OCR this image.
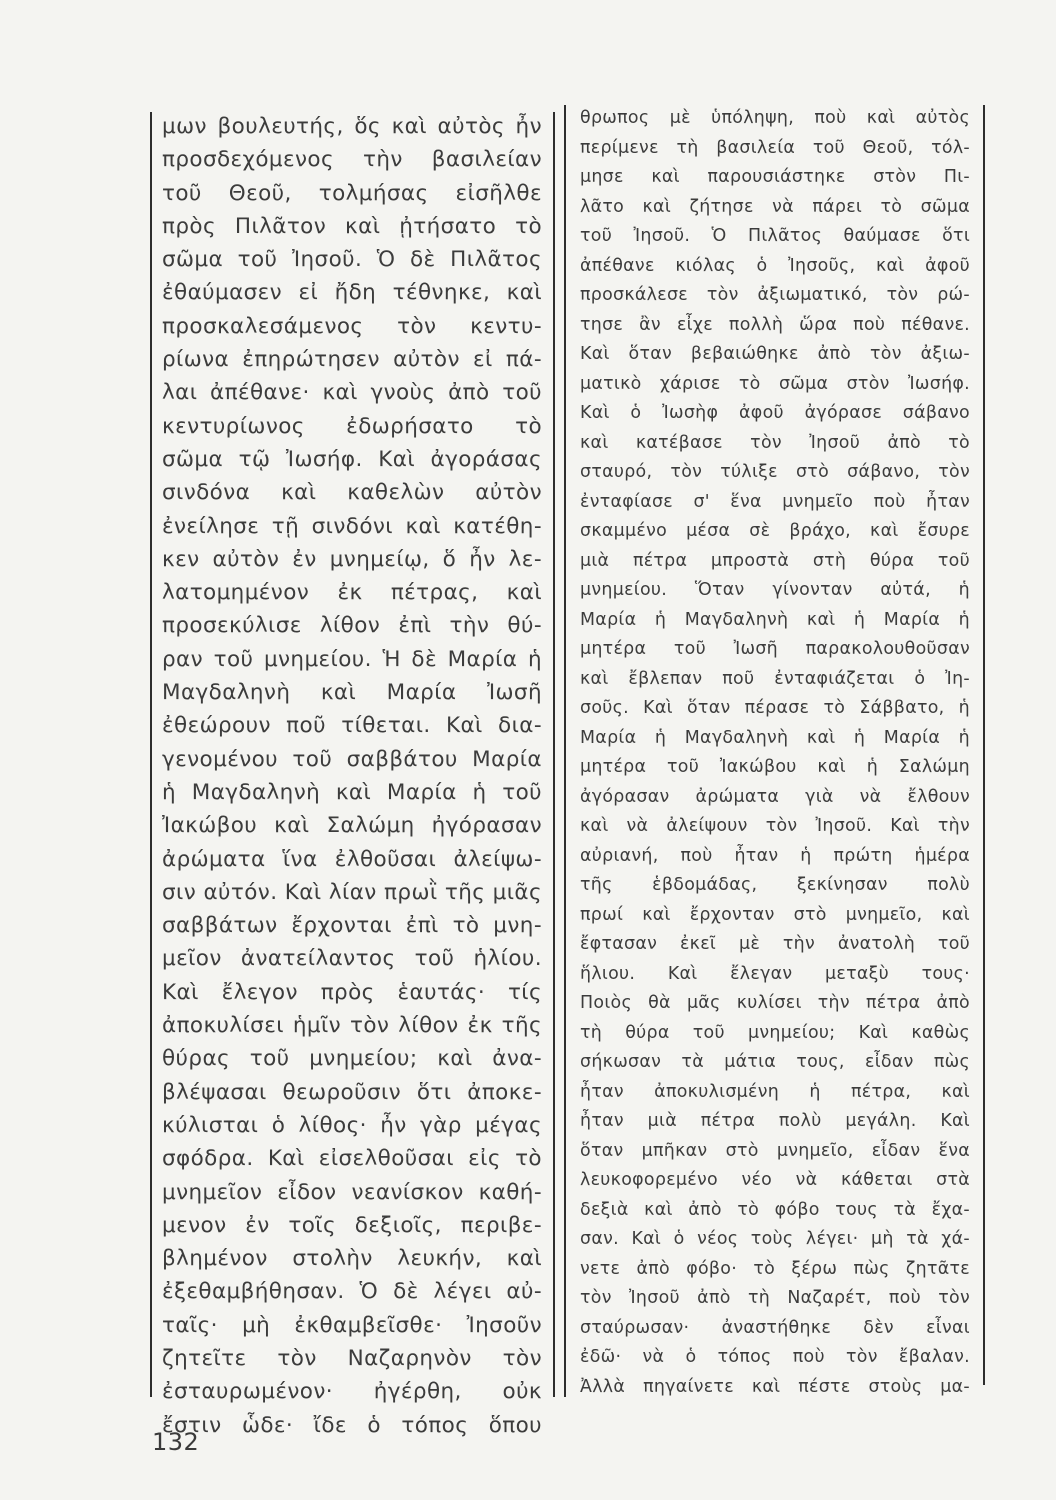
μων βουλευτής, ὅς καὶ αὐτὸς ἦν
προσδεχόμενος τὴν βασιλείαν
τοῦ Θεοῦ, τολμήσας εἰσῆλθε
πρὸς Πιλᾶτον καὶ ᾐτήσατο τὸ
σῶμα τοῦ Ἰησοῦ. Ὁ δὲ Πιλᾶτος
ἐθαύμασεν εἰ ἤδη τέθνηκε, καὶ
προσκαλεσάμενος τὸν κεντυ-
ρίωνα ἐπηρώτησεν αὐτὸν εἰ πά-
λαι ἀπέθανε· καὶ γνοὺς ἀπὸ τοῦ
κεντυρίωνος ἐδωρήσατο τὸ
σῶμα τῷ Ἰωσήφ. Καὶ ἀγοράσας
σινδόνα καὶ καθελὼν αὐτὸν
ἐνείλησε τῇ σινδόνι καὶ κατέθη-
κεν αὐτὸν ἐν μνημείῳ, ὅ ἦν λε-
λατομημένον ἐκ πέτρας, καὶ
προσεκύλισε λίθον ἐπὶ τὴν θύ-
ραν τοῦ μνημείου. Ἡ δὲ Μαρία ἡ
Μαγδαληνὴ καὶ Μαρία Ἰωσῆ
ἐθεώρουν ποῦ τίθεται. Καὶ δια-
γενομένου τοῦ σαββάτου Μαρία
ἡ Μαγδαληνὴ καὶ Μαρία ἡ τοῦ
Ἰακώβου καὶ Σαλώμη ἠγόρασαν
ἀρώματα ἵνα ἐλθοῦσαι ἀλείψω-
σιν αὐτόν. Καὶ λίαν πρωῒ τῆς μιᾶς
σαββάτων ἔρχονται ἐπὶ τὸ μνη-
μεῖον ἀνατείλαντος τοῦ ἡλίου.
Καὶ ἔλεγον πρὸς ἑαυτάς· τίς
ἀποκυλίσει ἡμῖν τὸν λίθον ἐκ τῆς
θύρας τοῦ μνημείου; καὶ ἀνα-
βλέψασαι θεωροῦσιν ὅτι ἀποκε-
κύλισται ὁ λίθος· ἦν γὰρ μέγας
σφόδρα. Καὶ εἰσελθοῦσαι εἰς τὸ
μνημεῖον εἶδον νεανίσκον καθή-
μενον ἐν τοῖς δεξιοῖς, περιβε-
βλημένον στολὴν λευκήν, καὶ
ἐξεθαμβήθησαν. Ὁ δὲ λέγει αὐ-
ταῖς· μὴ ἐκθαμβεῖσθε· Ἰησοῦν
ζητεῖτε τὸν Ναζαρηνὸν τὸν
ἐσταυρωμένον· ἠγέρθη, οὐκ
ἔστιν ὧδε· ἴδε ὁ τόπος ὅπου
θρωπος μὲ ὑπόληψη, ποὺ καὶ αὐτὸς
περίμενε τὴ βασιλεία τοῦ Θεοῦ, τόλ-
μησε καὶ παρουσιάστηκε στὸν Πι-
λᾶτο καὶ ζήτησε νὰ πάρει τὸ σῶμα
τοῦ Ἰησοῦ. Ὁ Πιλᾶτος θαύμασε ὅτι
ἀπέθανε κιόλας ὁ Ἰησοῦς, καὶ ἀφοῦ
προσκάλεσε τὸν ἀξιωματικό, τὸν ρώ-
τησε ἂν εἶχε πολλὴ ὥρα ποὺ πέθανε.
Καὶ ὅταν βεβαιώθηκε ἀπὸ τὸν ἀξιω-
ματικὸ χάρισε τὸ σῶμα στὸν Ἰωσήφ.
Καὶ ὁ Ἰωσὴφ ἀφοῦ ἀγόρασε σάβανο
καὶ κατέβασε τὸν Ἰησοῦ ἀπὸ τὸ
σταυρό, τὸν τύλιξε στὸ σάβανο, τὸν
ἐνταφίασε σ' ἕνα μνημεῖο ποὺ ἦταν
σκαμμένο μέσα σὲ βράχο, καὶ ἔσυρε
μιὰ πέτρα μπροστὰ στὴ θύρα τοῦ
μνημείου. Ὅταν γίνονταν αὐτά, ἡ
Μαρία ἡ Μαγδαληνὴ καὶ ἡ Μαρία ἡ
μητέρα τοῦ Ἰωσῆ παρακολουθοῦσαν
καὶ ἔβλεπαν ποῦ ἐνταφιάζεται ὁ Ἰη-
σοῦς. Καὶ ὅταν πέρασε τὸ Σάββατο, ἡ
Μαρία ἡ Μαγδαληνὴ καὶ ἡ Μαρία ἡ
μητέρα τοῦ Ἰακώβου καὶ ἡ Σαλώμη
ἀγόρασαν ἀρώματα γιὰ νὰ ἔλθουν
καὶ νὰ ἀλείψουν τὸν Ἰησοῦ. Καὶ τὴν
αὐριανή, ποὺ ἦταν ἡ πρώτη ἡμέρα
τῆς ἑβδομάδας, ξεκίνησαν πολὺ
πρωί καὶ ἔρχονταν στὸ μνημεῖο, καὶ
ἔφτασαν ἐκεῖ μὲ τὴν ἀνατολὴ τοῦ
ἥλιου. Καὶ ἔλεγαν μεταξὺ τους·
Ποιὸς θὰ μᾶς κυλίσει τὴν πέτρα ἀπὸ
τὴ θύρα τοῦ μνημείου; Καὶ καθὼς
σήκωσαν τὰ μάτια τους, εἶδαν πὼς
ἦταν ἀποκυλισμένη ἡ πέτρα, καὶ
ἦταν μιὰ πέτρα πολὺ μεγάλη. Καὶ
ὅταν μπῆκαν στὸ μνημεῖο, εἶδαν ἕνα
λευκοφορεμένο νέο νὰ κάθεται στὰ
δεξιὰ καὶ ἀπὸ τὸ φόβο τους τὰ ἔχα-
σαν. Καὶ ὁ νέος τοὺς λέγει· μὴ τὰ χά-
νετε ἀπὸ φόβο· τὸ ξέρω πὼς ζητᾶτε
τὸν Ἰησοῦ ἀπὸ τὴ Ναζαρέτ, ποὺ τὸν
σταύρωσαν· ἀναστήθηκε δὲν εἶναι
ἐδῶ· νὰ ὁ τόπος ποὺ τὸν ἔβαλαν.
Ἀλλὰ πηγαίνετε καὶ πέστε στοὺς μα-
132
